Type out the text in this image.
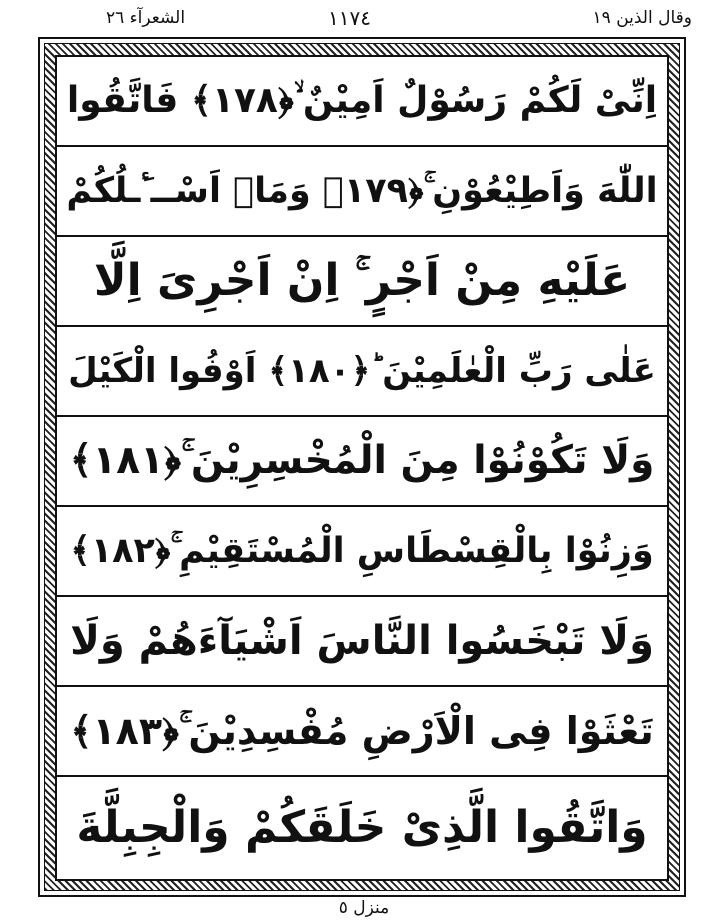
الشعرآء ٢٦	١١٧٤	وقال الذين ١٩
اِنِّیْ لَكُمْ رَسُوْلٌ اَمِیْنٌ ۙ﴿۱۷۸﴾ فَاتَّقُوا
اللّٰهَ وَاَطِیْعُوْنِ ۚ﴿۱۷۹﴾ وَمَاۤ اَسْــٴَـلُكُمْ
عَلَیْهِ مِنْ اَجْرٍ ۚ اِنْ اَجْرِیَ اِلَّا
عَلٰی رَبِّ الْعٰلَمِیْنَ ؕ﴿۱۸۰﴾ اَوْفُوا الْكَیْلَ
وَلَا تَكُوْنُوْا مِنَ الْمُخْسِرِیْنَ ۚ﴿۱۸۱﴾
وَزِنُوْا بِالْقِسْطَاسِ الْمُسْتَقِیْمِ ۚ﴿۱۸۲﴾
وَلَا تَبْخَسُوا النَّاسَ اَشْیَآءَهُمْ وَلَا
تَعْثَوْا فِی الْاَرْضِ مُفْسِدِیْنَ ۚ﴿۱۸۳﴾
وَاتَّقُوا الَّذِیْ خَلَقَكُمْ وَالْجِبِلَّةَ
منزل ٥
